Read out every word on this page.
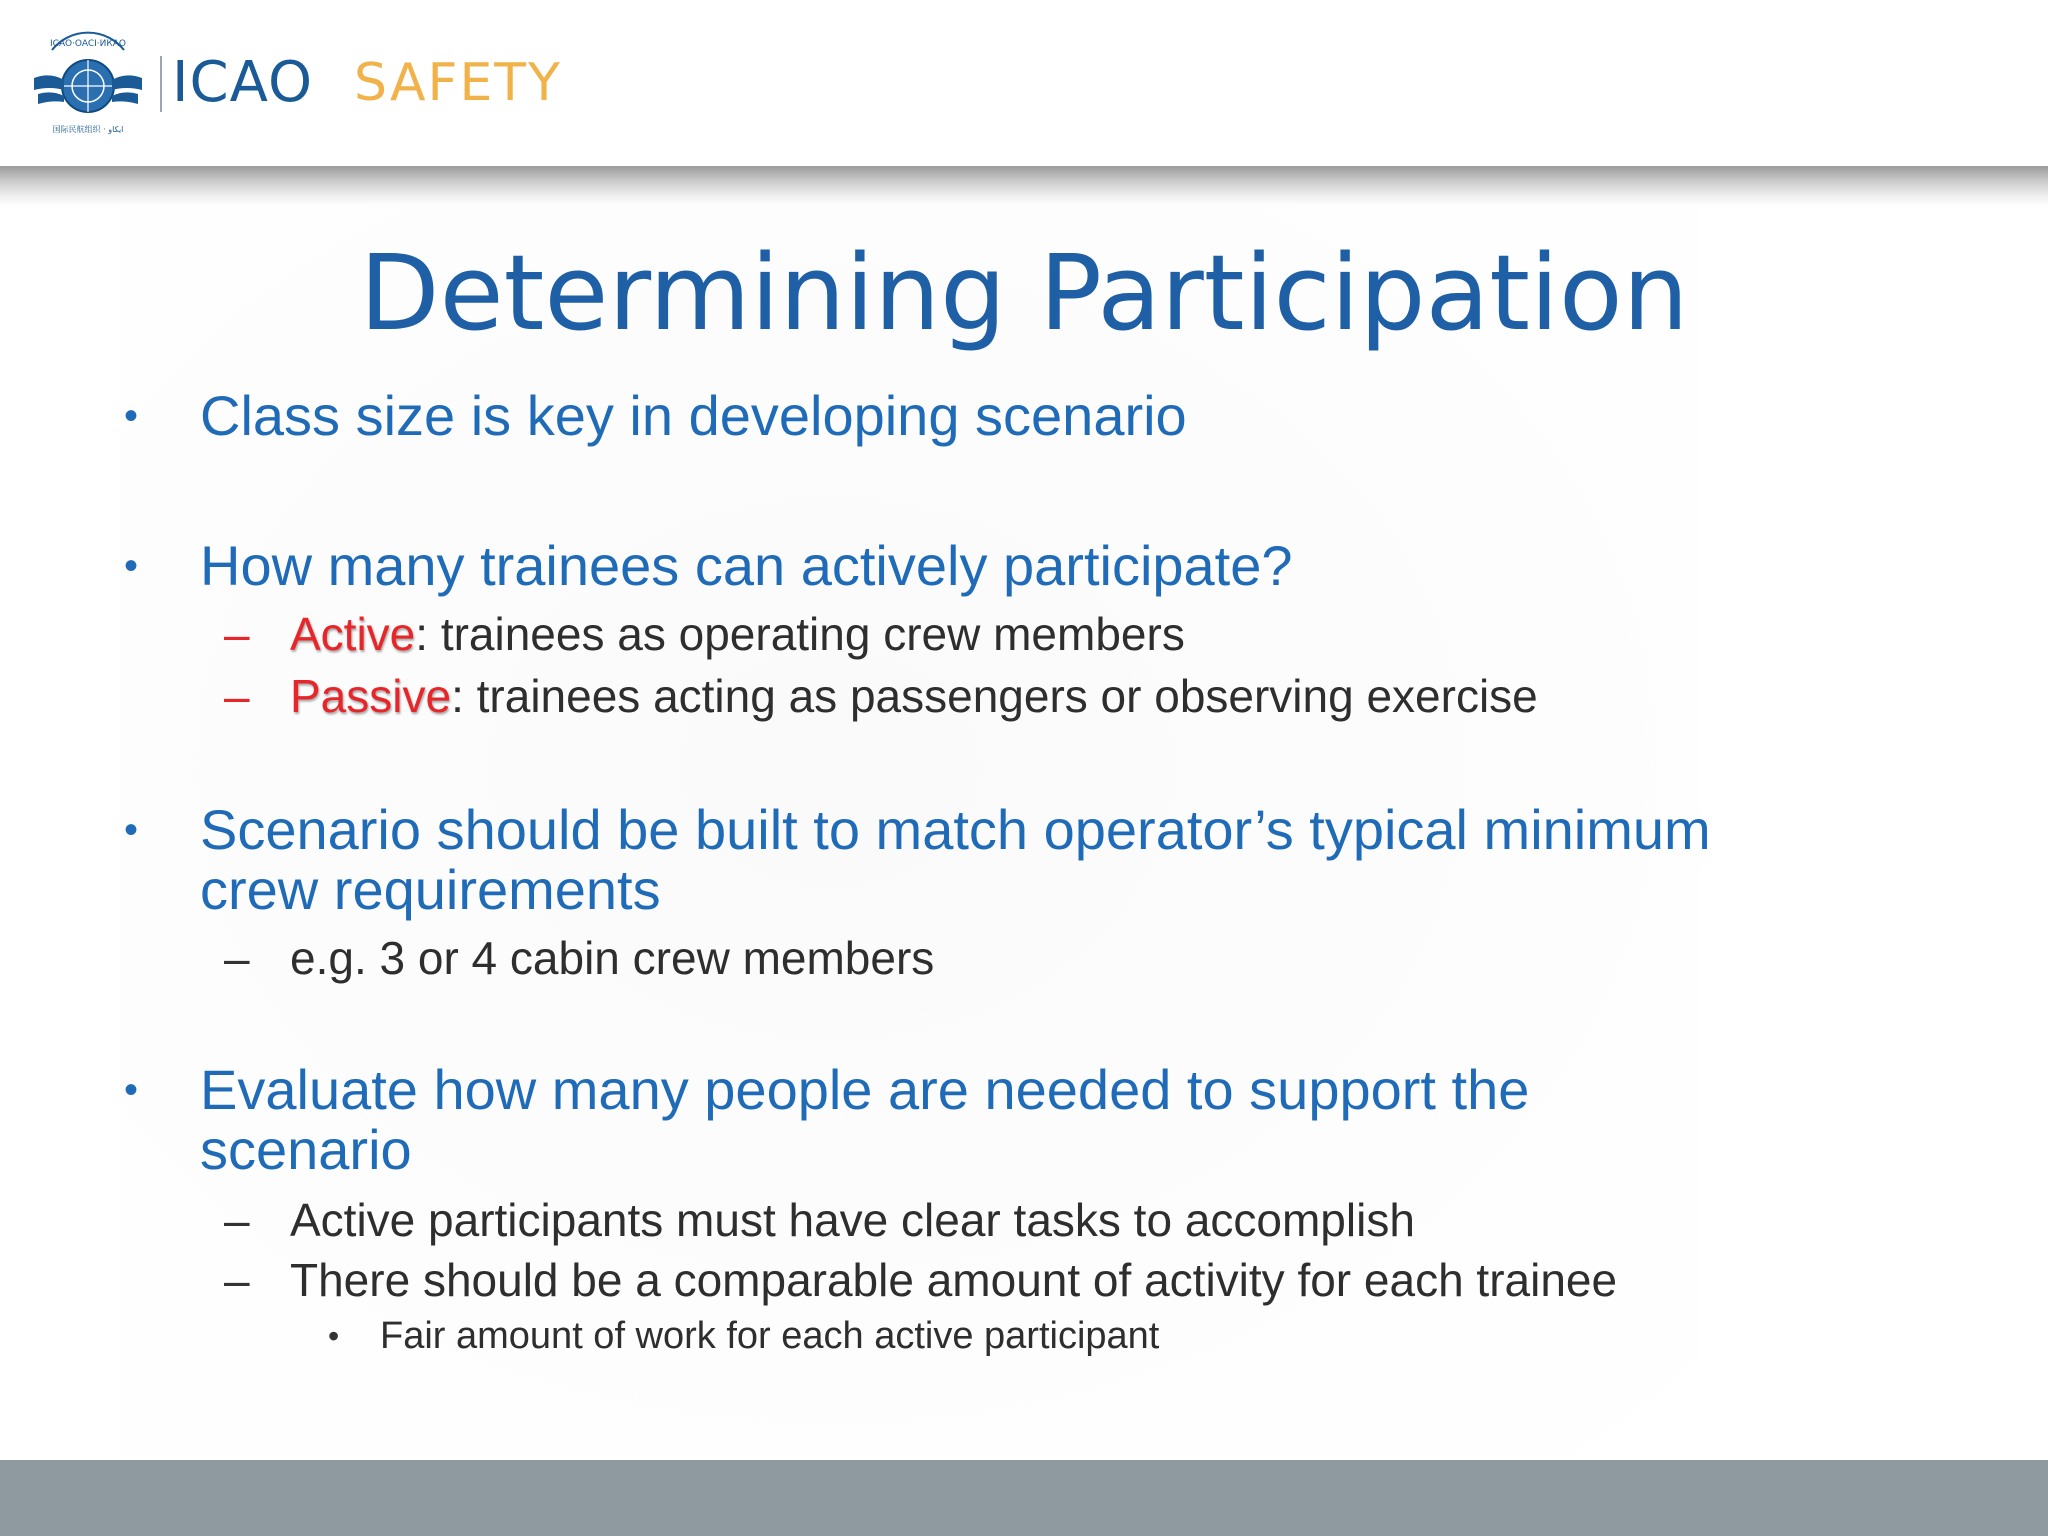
ICAO·OACI·ИКАО
国际民航组织 · ايكاو
ICAO SAFETY
Determining Participation
• Class size is key in developing scenario
• How many trainees can actively participate?
– Active: trainees as operating crew members
– Passive: trainees acting as passengers or observing exercise
• Scenario should be built to match operator’s typical minimum
crew requirements
– e.g. 3 or 4 cabin crew members
• Evaluate how many people are needed to support the
scenario
– Active participants must have clear tasks to accomplish
– There should be a comparable amount of activity for each trainee
• Fair amount of work for each active participant
